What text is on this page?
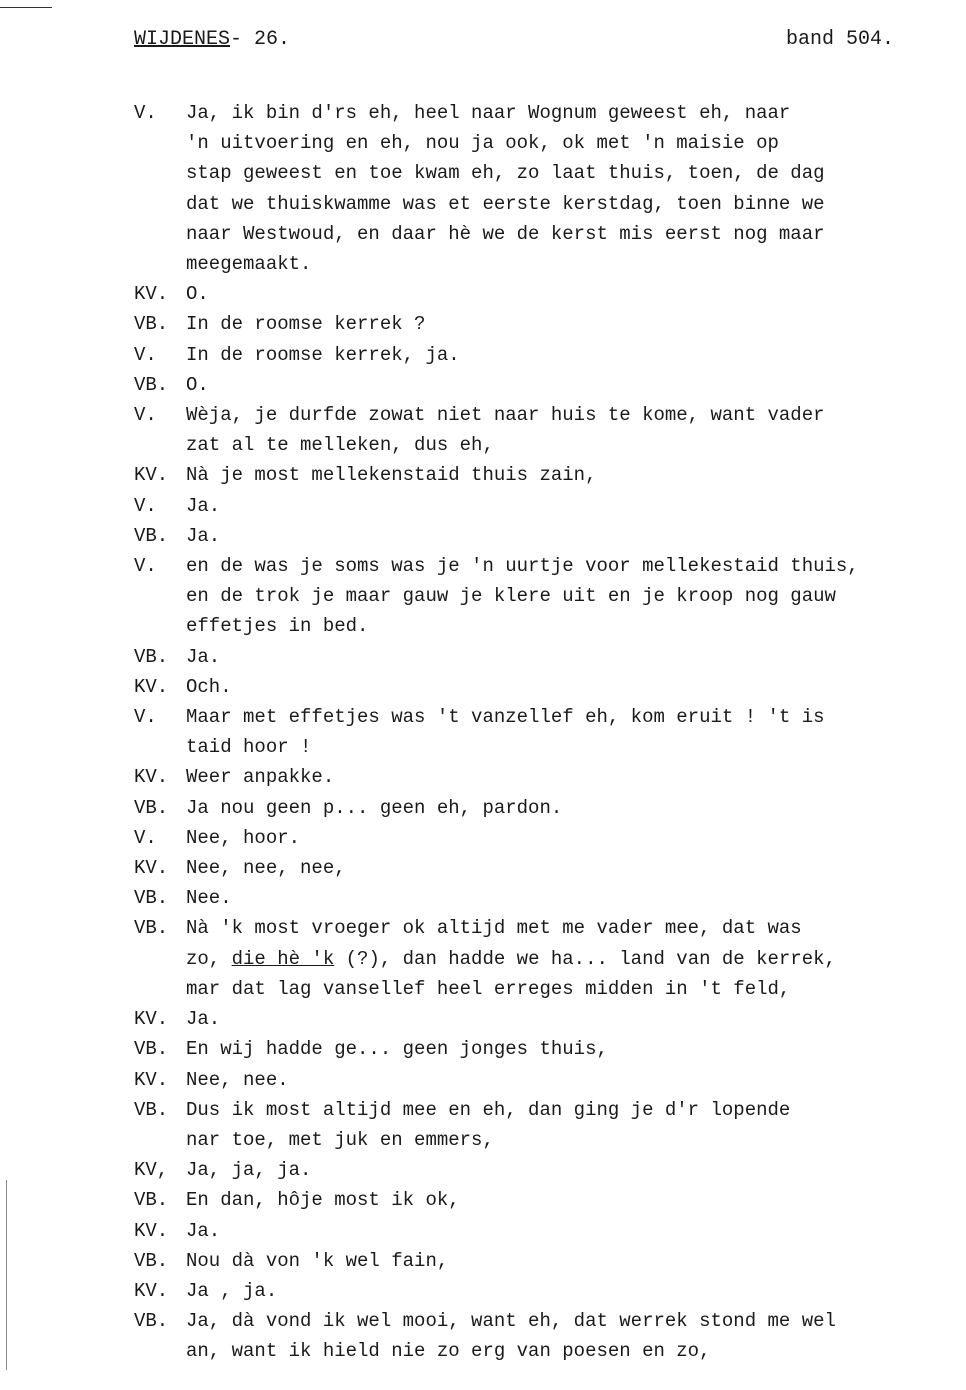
WIJDENES- 26.	band 504.
V.	Ja, ik bin d'rs eh, heel naar Wognum geweest eh, naar
'n uitvoering en eh, nou ja ook, ok met 'n maisie op
stap geweest en toe kwam eh, zo laat thuis, toen, de dag
dat we thuiskwamme was et eerste kerstdag, toen binne we
naar Westwoud, en daar hè we de kerst mis eerst nog maar
meegemaakt.
KV. O.
VB. In de roomse kerrek ?
V.	In de roomse kerrek, ja.
VB. O.
V.	Wèja, je durfde zowat niet naar huis te kome, want vader
zat al te melleken, dus eh,
KV. Nà je most mellekenstaid thuis zain,
V.	Ja.
VB. Ja.
V.	en de was je soms was je 'n uurtje voor mellekestaid thuis,
en de trok je maar gauw je klere uit en je kroop nog gauw
effetjes in bed.
VB. Ja.
KV. Och.
V.	Maar met effetjes was 't vanzellef eh, kom eruit ! 't is
taid hoor !
KV. Weer anpakke.
VB. Ja nou geen p... geen eh, pardon.
V.	Nee, hoor.
KV. Nee, nee, nee,
VB. Nee.
VB. Nà 'k most vroeger ok altijd met me vader mee, dat was
zo, die hè 'k (?), dan hadde we ha... land van de kerrek,
mar dat lag vansellef heel erreges midden in 't feld,
KV. Ja.
VB. En wij hadde ge... geen jonges thuis,
KV. Nee, nee.
VB. Dus ik most altijd mee en eh, dan ging je d'r lopende
nar toe, met juk en emmers,
KV, Ja, ja, ja.
VB. En dan, hôje most ik ok,
KV. Ja.
VB. Nou dà von 'k wel fain,
KV. Ja , ja.
VB. Ja, dà vond ik wel mooi, want eh, dat werrek stond me wel
an, want ik hield nie zo erg van poesen en zo,
